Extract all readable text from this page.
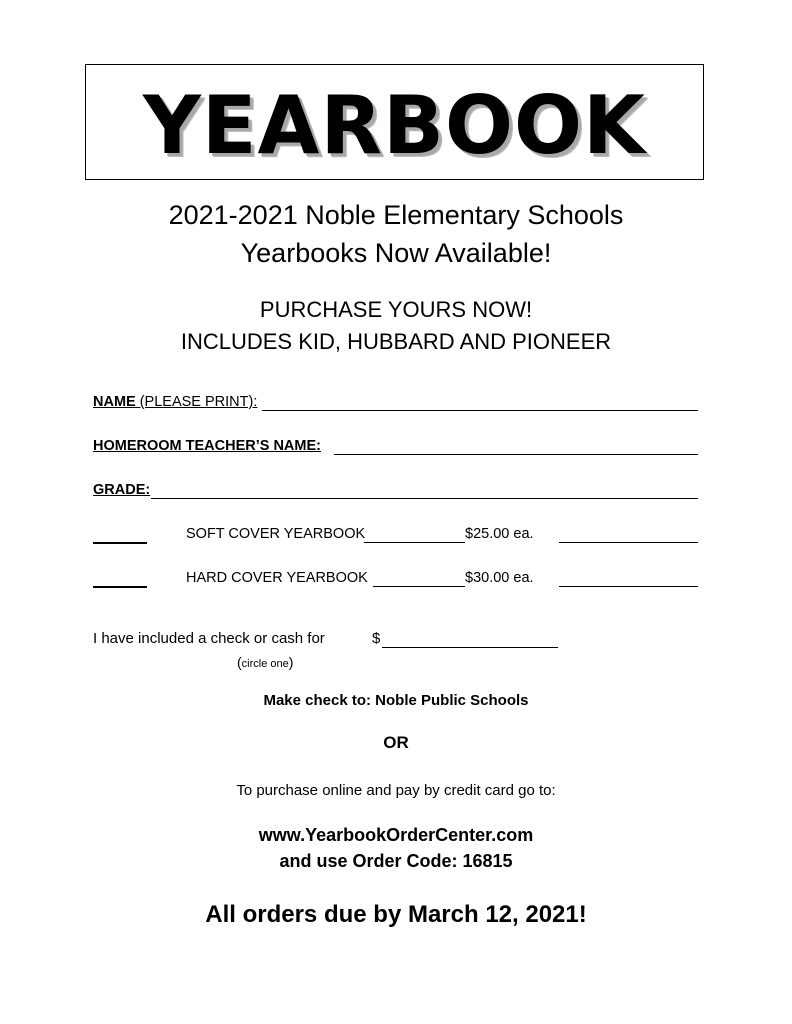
YEARBOOK
2021-2021 Noble Elementary Schools
Yearbooks Now Available!
PURCHASE YOURS NOW!
INCLUDES KID, HUBBARD AND PIONEER
NAME (PLEASE PRINT):
HOMEROOM TEACHER’S NAME:
GRADE:
SOFT COVER YEARBOOK	$25.00 ea.
HARD COVER YEARBOOK	$30.00 ea.
I have included a check or cash for	$
(circle one)
Make check to: Noble Public Schools
OR
To purchase online and pay by credit card go to:
www.YearbookOrderCenter.com
and use Order Code: 16815
All orders due by March 12, 2021!
